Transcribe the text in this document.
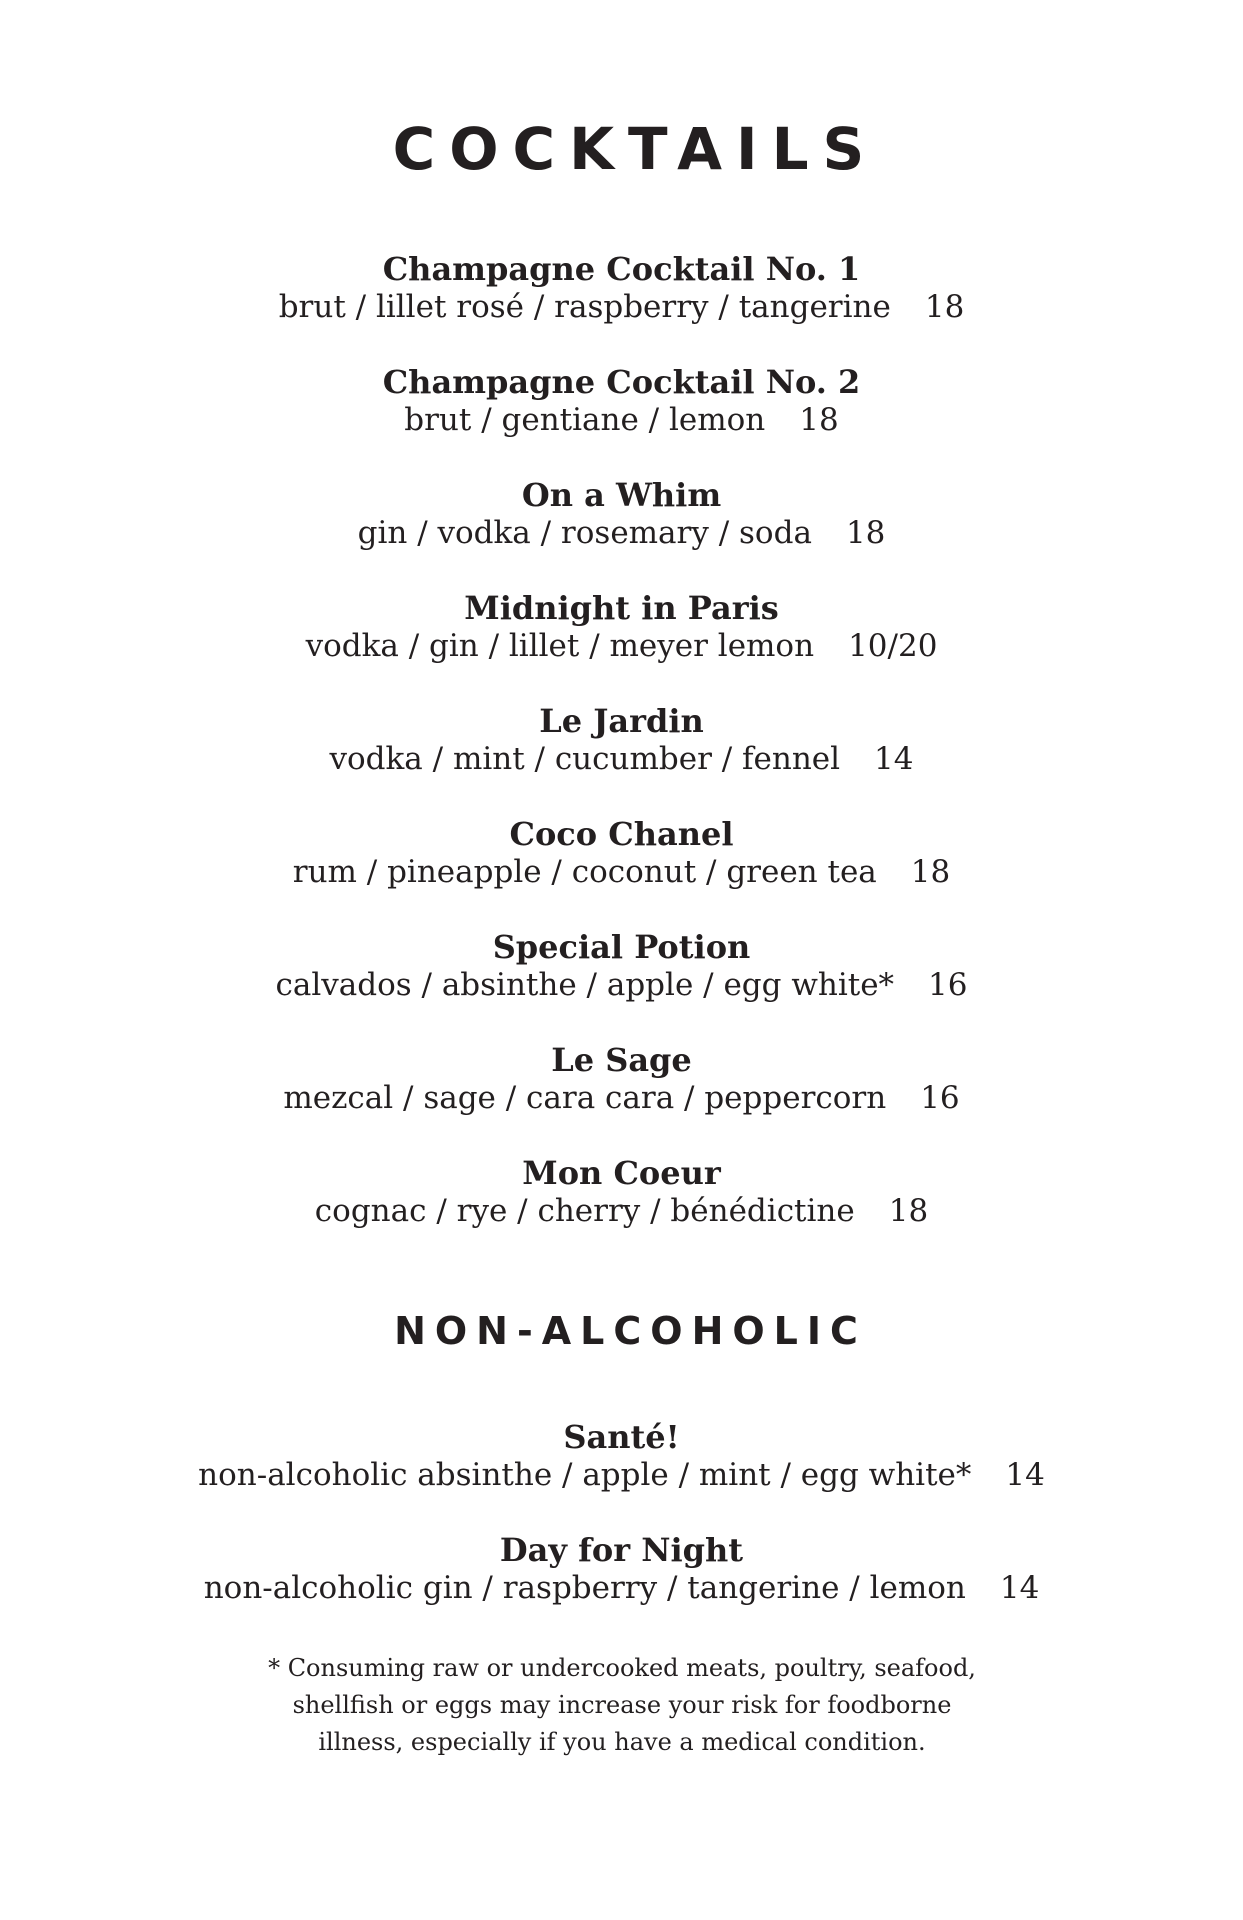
COCKTAILS
Champagne Cocktail No. 1
brut / lillet rosé / raspberry / tangerine 18
Champagne Cocktail No. 2
brut / gentiane / lemon 18
On a Whim
gin / vodka / rosemary / soda 18
Midnight in Paris
vodka / gin / lillet / meyer lemon 10/20
Le Jardin
vodka / mint / cucumber / fennel 14
Coco Chanel
rum / pineapple / coconut / green tea 18
Special Potion
calvados / absinthe / apple / egg white* 16
Le Sage
mezcal / sage / cara cara / peppercorn 16
Mon Coeur
cognac / rye / cherry / bénédictine 18
NON-ALCOHOLIC
Santé!
non-alcoholic absinthe / apple / mint / egg white* 14
Day for Night
non-alcoholic gin / raspberry / tangerine / lemon 14

* Consuming raw or undercooked meats, poultry, seafood, shellfish or eggs may increase your risk for foodborne illness, especially if you have a medical condition.
